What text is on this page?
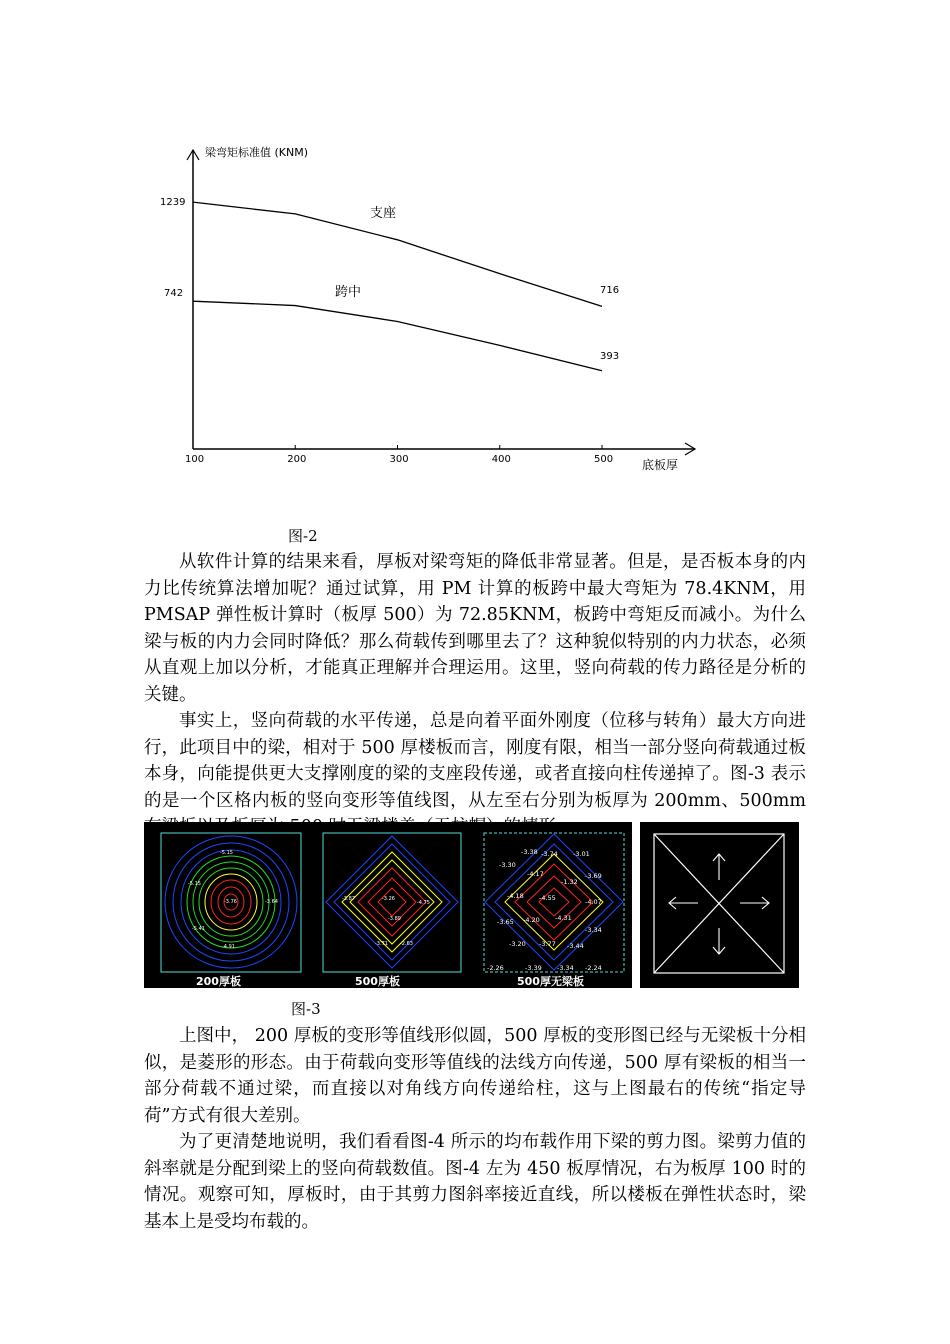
梁弯矩标准值 (KNM)
底板厚
100	200	300	400	500
1239
742
支座
跨中	716
393
图-2

从软件计算的结果来看，厚板对梁弯矩的降低非常显著。但是，是否板本身的内力比传统算法增加呢？通过试算，用 PM 计算的板跨中最大弯矩为 78.4KNM，用 PMSAP 弹性板计算时（板厚 500）为 72.85KNM，板跨中弯矩反而减小。为什么梁与板的内力会同时降低？那么荷载传到哪里去了？这种貌似特别的内力状态，必须从直观上加以分析，才能真正理解并合理运用。这里，竖向荷载的传力路径是分析的关键。

事实上，竖向荷载的水平传递，总是向着平面外刚度（位移与转角）最大方向进行，此项目中的梁，相对于 500 厚楼板而言，刚度有限，相当一部分竖向荷载通过板本身，向能提供更大支撑刚度的梁的支座段传递，或者直接向柱传递掉了。图-3 表示的是一个区格内板的竖向变形等值线图，从左至右分别为板厚为 200mm、500mm

-5.15
-5.15
-3.76	-3.64
-5.41
-4.91
200厚板
-3.26
-3.89
-4.75
-3.87
-3.71 -2.63
500厚板
-3.38 -3.74 -3.01
-3.30
-4.17
-1.32
-3.69
-4.18 -4.55	-4.07
-3.65 -4.20 -4.31
-3.34
-3.20 -3.77 -3.44
-2.26	-3.39 -3.34 -2.24
500厚无梁板
图-3

上图中， 200 厚板的变形等值线形似圆，500 厚板的变形图已经与无梁板十分相似，是菱形的形态。由于荷载向变形等值线的法线方向传递，500 厚有梁板的相当一部分荷载不通过梁，而直接以对角线方向传递给柱，这与上图最右的传统“指定导荷”方式有很大差别。

为了更清楚地说明，我们看看图-4 所示的均布载作用下梁的剪力图。梁剪力值的斜率就是分配到梁上的竖向荷载数值。图-4 左为 450 板厚情况，右为板厚 100 时的情况。观察可知，厚板时，由于其剪力图斜率接近直线，所以楼板在弹性状态时，梁基本上是受均布载的。
